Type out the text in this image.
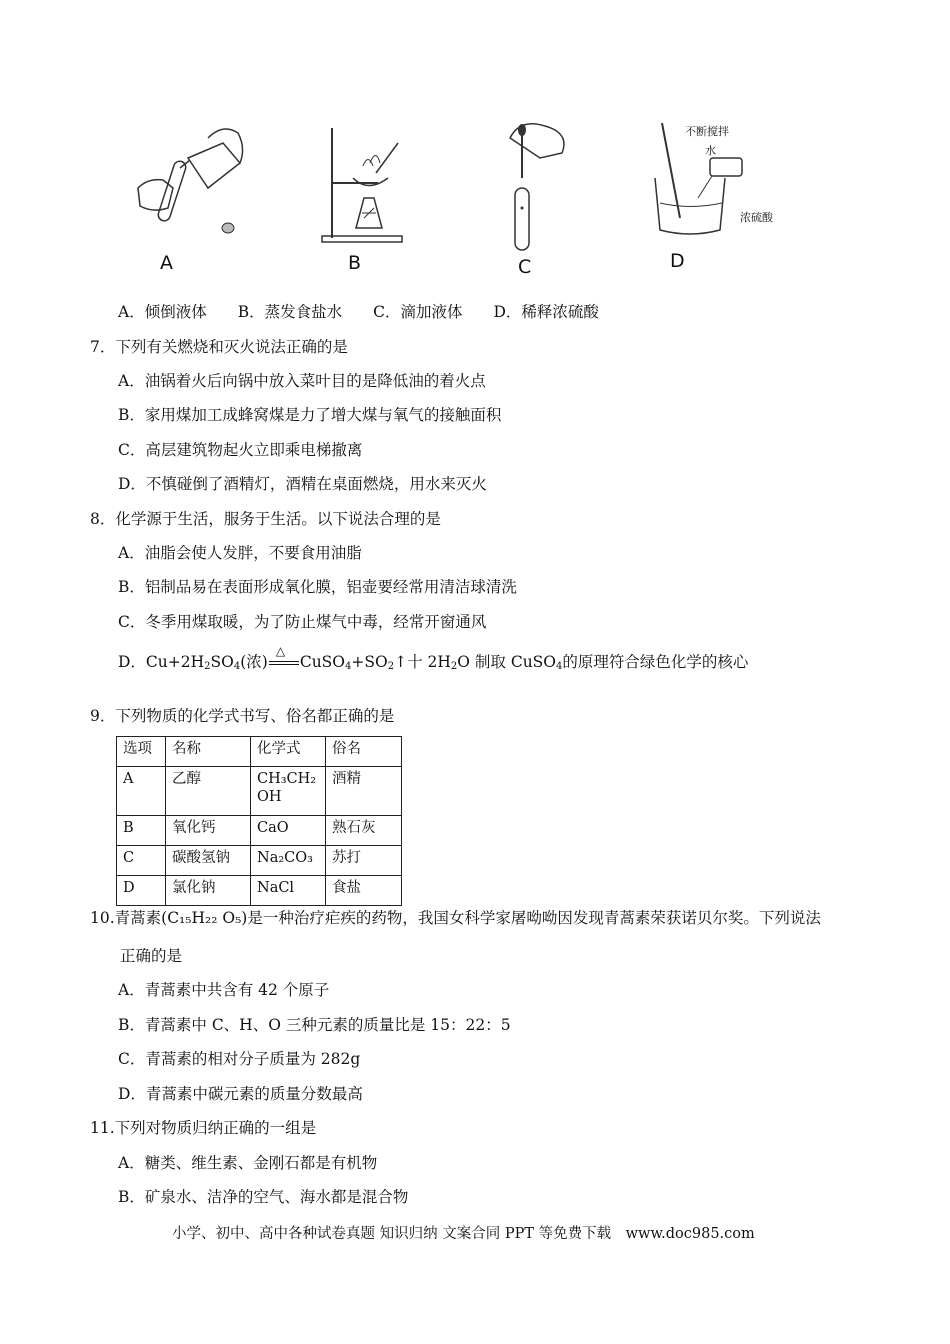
A	B	C
不断搅拌
水
浓硫酸
D
A．倾倒液体　　B．蒸发食盐水　　C．滴加液体　　D．稀释浓硫酸
7．下列有关燃烧和灭火说法正确的是
A．油锅着火后向锅中放入菜叶目的是降低油的着火点
B．家用煤加工成蜂窝煤是力了增大煤与氧气的接触面积
C．高层建筑物起火立即乘电梯撤离
D．不慎碰倒了酒精灯，酒精在桌面燃烧，用水来灭火
8．化学源于生活，服务于生活。以下说法合理的是
A．油脂会使人发胖，不要食用油脂
B．铝制品易在表面形成氧化膜，铝壶要经常用清洁球清洗
C．冬季用煤取暖，为了防止煤气中毒，经常开窗通风
D．$Cu+2H_2SO_4$(浓)
△
$CuSO_4+SO_2↑$十 $2H_2O$ 制取 CuSO$_4$的原理符合绿色化学的核心
9．下列物质的化学式书写、俗名都正确的是
选项	名称	化学式	俗名
A	乙醇	CH₃CH₂OH	酒精
B	氧化钙	CaO	熟石灰
C	碳酸氢钠	Na₂CO₃	苏打
D	氯化钠	NaCl	食盐
10.青蒿素(C₁₅H₂₂ O₅)是一种治疗疟疾的药物，我国女科学家屠呦呦因发现青蒿素荣获诺贝尔奖。下列说法
正确的是
A．青蒿素中共含有 42 个原子
B．青蒿素中 C、H、O 三种元素的质量比是 15：22：5
C．青蒿素的相对分子质量为 282g
D．青蒿素中碳元素的质量分数最高
11.下列对物质归纳正确的一组是
A．糖类、维生素、金刚石都是有机物
B．矿泉水、洁净的空气、海水都是混合物
小学、初中、高中各种试卷真题 知识归纳 文案合同 PPT 等免费下载　www.doc985.com
